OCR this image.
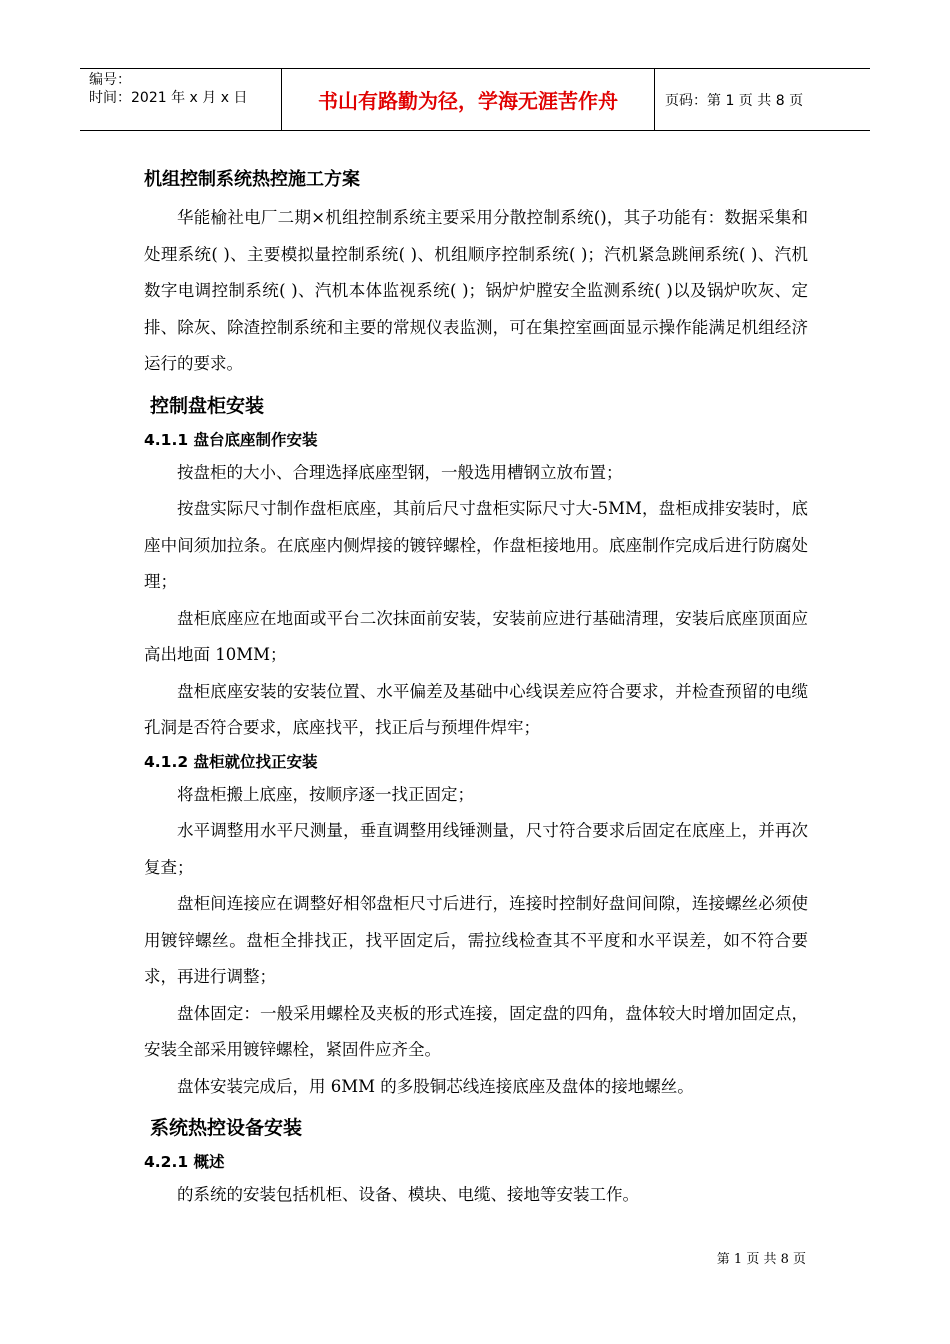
编号：
时间：2021 年 x 月 x 日	书山有路勤为径，学海无涯苦作舟	页码：第 1 页 共 8 页
机组控制系统热控施工方案

华能榆社电厂二期×机组控制系统主要采用分散控制系统()，其子功能有：数据采集和处理系统( )、主要模拟量控制系统( )、机组顺序控制系统( )；汽机紧急跳闸系统( )、汽机数字电调控制系统( )、汽机本体监视系统( )；锅炉炉膛安全监测系统( )以及锅炉吹灰、定排、除灰、除渣控制系统和主要的常规仪表监测，可在集控室画面显示操作能满足机组经济运行的要求。

控制盘柜安装
4.1.1 盘台底座制作安装

按盘柜的大小、合理选择底座型钢，一般选用槽钢立放布置；

按盘实际尺寸制作盘柜底座，其前后尺寸盘柜实际尺寸大-5MM，盘柜成排安装时，底座中间须加拉条。在底座内侧焊接的镀锌螺栓，作盘柜接地用。底座制作完成后进行防腐处理；

盘柜底座应在地面或平台二次抹面前安装，安装前应进行基础清理，安装后底座顶面应高出地面 10MM；

盘柜底座安装的安装位置、水平偏差及基础中心线误差应符合要求，并检查预留的电缆孔洞是否符合要求，底座找平，找正后与预埋件焊牢；

4.1.2 盘柜就位找正安装

将盘柜搬上底座，按顺序逐一找正固定；

水平调整用水平尺测量，垂直调整用线锤测量，尺寸符合要求后固定在底座上，并再次复查；

盘柜间连接应在调整好相邻盘柜尺寸后进行，连接时控制好盘间间隙，连接螺丝必须使用镀锌螺丝。盘柜全排找正，找平固定后，需拉线检查其不平度和水平误差，如不符合要求，再进行调整；

盘体固定：一般采用螺栓及夹板的形式连接，固定盘的四角，盘体较大时增加固定点，安装全部采用镀锌螺栓，紧固件应齐全。

盘体安装完成后，用 6MM 的多股铜芯线连接底座及盘体的接地螺丝。

系统热控设备安装
4.2.1 概述

的系统的安装包括机柜、设备、模块、电缆、接地等安装工作。

第 1 页 共 8 页
